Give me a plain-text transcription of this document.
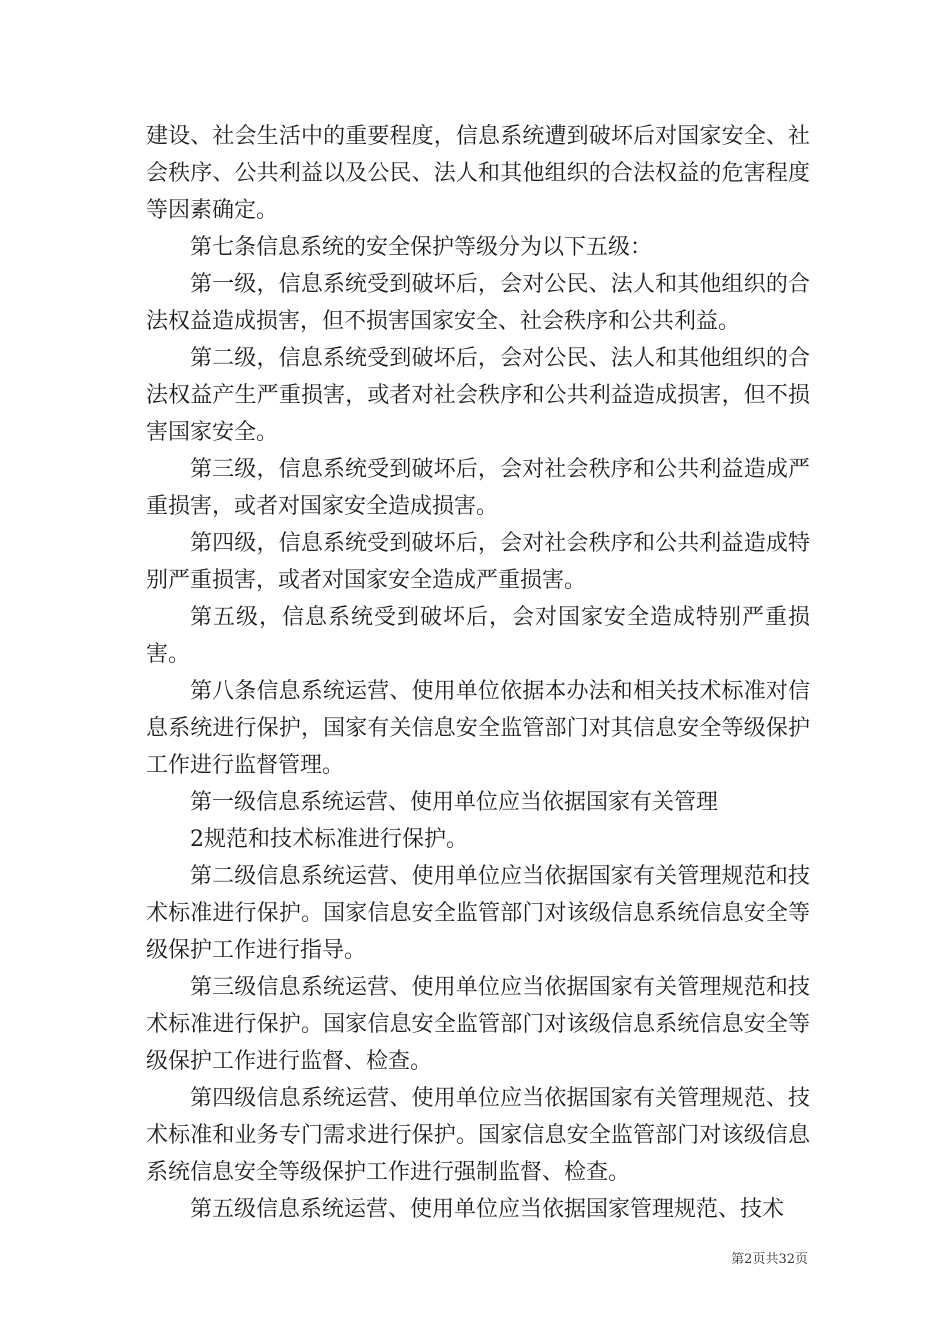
建设、社会生活中的重要程度，信息系统遭到破坏后对国家安全、社会秩序、公共利益以及公民、法人和其他组织的合法权益的危害程度等因素确定。

第七条信息系统的安全保护等级分为以下五级：

第一级，信息系统受到破坏后，会对公民、法人和其他组织的合法权益造成损害，但不损害国家安全、社会秩序和公共利益。

第二级，信息系统受到破坏后，会对公民、法人和其他组织的合法权益产生严重损害，或者对社会秩序和公共利益造成损害，但不损害国家安全。

第三级，信息系统受到破坏后，会对社会秩序和公共利益造成严重损害，或者对国家安全造成损害。

第四级，信息系统受到破坏后，会对社会秩序和公共利益造成特别严重损害，或者对国家安全造成严重损害。

第五级，信息系统受到破坏后，会对国家安全造成特别严重损害。

第八条信息系统运营、使用单位依据本办法和相关技术标准对信息系统进行保护，国家有关信息安全监管部门对其信息安全等级保护工作进行监督管理。

第一级信息系统运营、使用单位应当依据国家有关管理

2规范和技术标准进行保护。

第二级信息系统运营、使用单位应当依据国家有关管理规范和技术标准进行保护。国家信息安全监管部门对该级信息系统信息安全等级保护工作进行指导。

第三级信息系统运营、使用单位应当依据国家有关管理规范和技术标准进行保护。国家信息安全监管部门对该级信息系统信息安全等级保护工作进行监督、检查。

第四级信息系统运营、使用单位应当依据国家有关管理规范、技术标准和业务专门需求进行保护。国家信息安全监管部门对该级信息系统信息安全等级保护工作进行强制监督、检查。

第五级信息系统运营、使用单位应当依据国家管理规范、技术

第2页共32页
